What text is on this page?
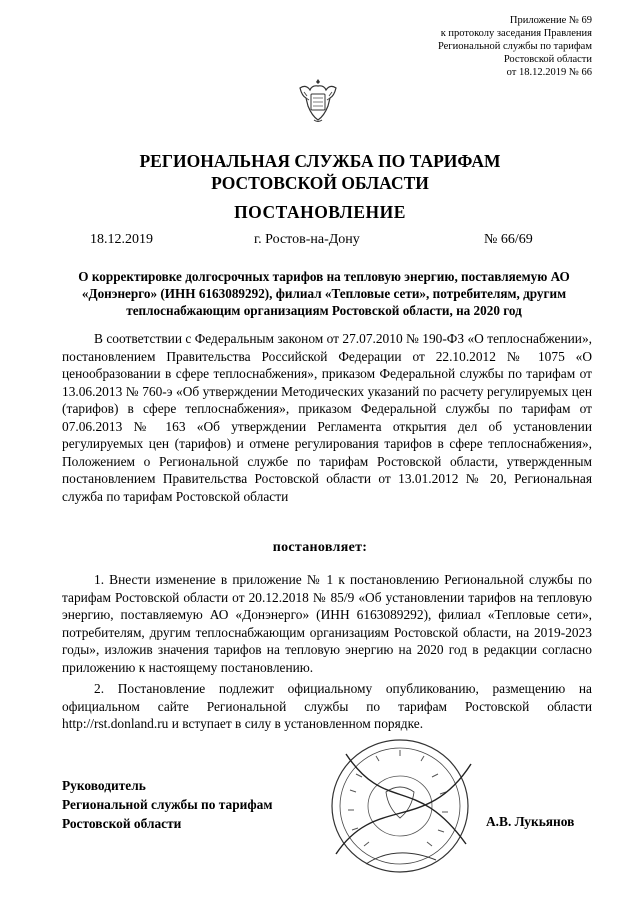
Приложение № 69
к протоколу заседания Правления
Региональной службы по тарифам
Ростовской области
от 18.12.2019 № 66
РЕГИОНАЛЬНАЯ СЛУЖБА ПО ТАРИФАМ
РОСТОВСКОЙ ОБЛАСТИ
ПОСТАНОВЛЕНИЕ
18.12.2019	г. Ростов-на-Дону	№ 66/69
О корректировке долгосрочных тарифов на тепловую энергию, поставляемую АО «Донэнерго» (ИНН 6163089292), филиал «Тепловые сети», потребителям, другим теплоснабжающим организациям Ростовской области, на 2020 год
В соответствии с Федеральным законом от 27.07.2010 № 190-ФЗ «О теплоснабжении», постановлением Правительства Российской Федерации от 22.10.2012 № 1075 «О ценообразовании в сфере теплоснабжения», приказом Федеральной службы по тарифам от 13.06.2013 № 760-э «Об утверждении Методических указаний по расчету регулируемых цен (тарифов) в сфере теплоснабжения», приказом Федеральной службы по тарифам от 07.06.2013 № 163 «Об утверждении Регламента открытия дел об установлении регулируемых цен (тарифов) и отмене регулирования тарифов в сфере теплоснабжения», Положением о Региональной службе по тарифам Ростовской области, утвержденным постановлением Правительства Ростовской области от 13.01.2012 № 20, Региональная служба по тарифам Ростовской области
постановляет:
1. Внести изменение в приложение № 1 к постановлению Региональной службы по тарифам Ростовской области от 20.12.2018 № 85/9 «Об установлении тарифов на тепловую энергию, поставляемую АО «Донэнерго» (ИНН 6163089292), филиал «Тепловые сети», потребителям, другим теплоснабжающим организациям Ростовской области, на 2019-2023 годы», изложив значения тарифов на тепловую энергию на 2020 год в редакции согласно приложению к настоящему постановлению.
2. Постановление подлежит официальному опубликованию, размещению на официальном сайте Региональной службы по тарифам Ростовской области http://rst.donland.ru и вступает в силу в установленном порядке.
Руководитель
Региональной службы по тарифам
Ростовской области	А.В. Лукьянов
